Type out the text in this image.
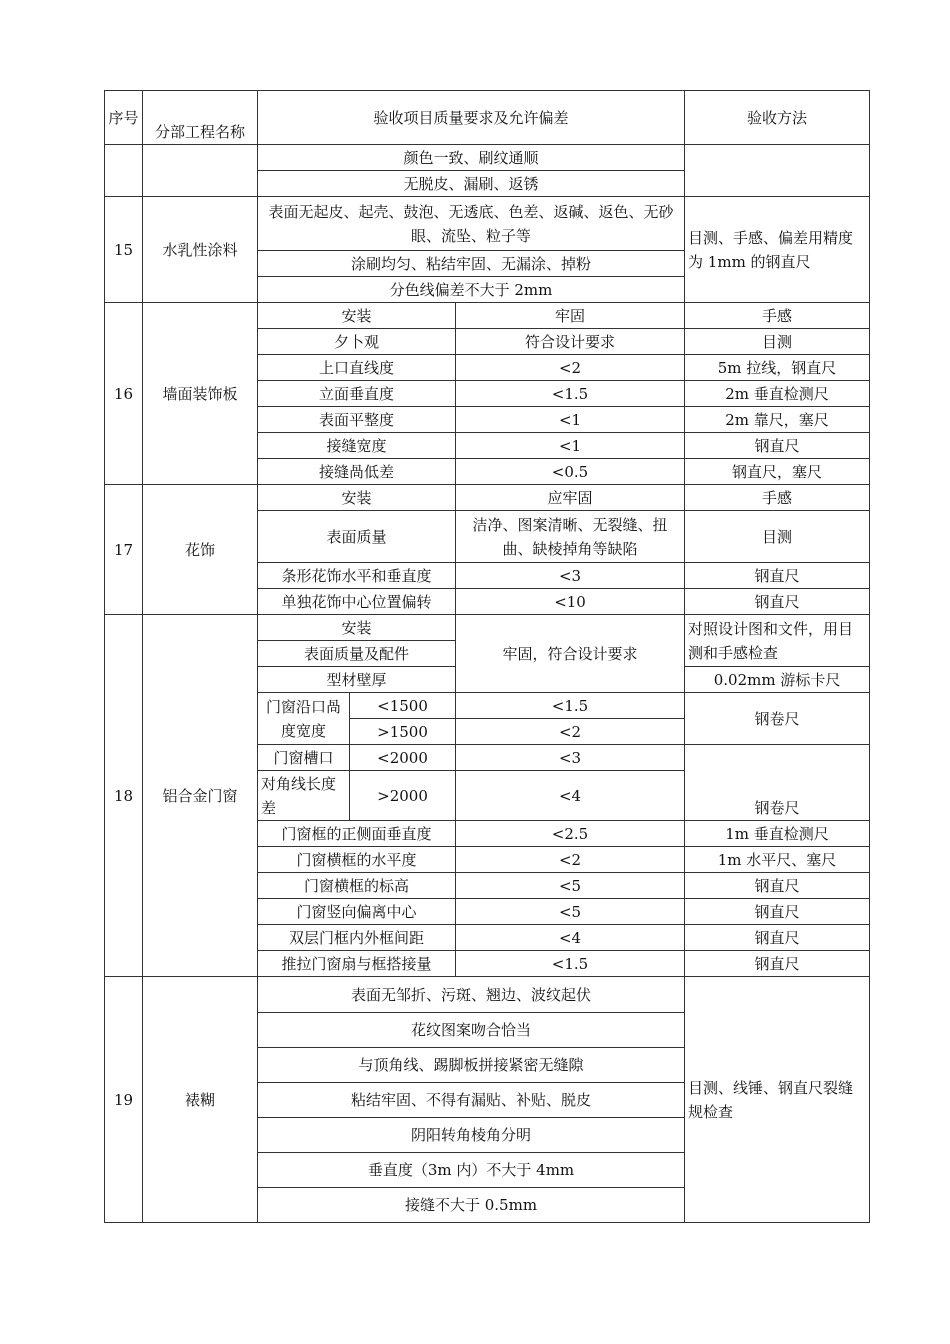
序号	分部工程名称	验收项目质量要求及允许偏差			验收方法
		颜色一致、刷纹通顺			
		无脱皮、漏刷、返锈			
15	水乳性涂料	表面无起皮、起壳、鼓泡、无透底、色差、返碱、返色、无砂眼、流坠、粒子等			目测、手感、偏差用精度为 1mm 的钢直尺
		涂刷均匀、粘结牢固、无漏涂、掉粉			
		分色线偏差不大于 2mm			
16	墙面装饰板	安装		牢固	手感
		夕卜观		符合设计要求	目测
		上口直线度		<2	5m 拉线，钢直尺
		立面垂直度		<1.5	2m 垂直检测尺
		表面平整度		<1	2m 靠尺，塞尺
		接缝宽度		<1	钢直尺
		接缝咼低差		<0.5	钢直尺，塞尺
17	花饰	安装		应牢固	手感
		表面质量		洁净、图案清晰、无裂缝、扭曲、缺棱掉角等缺陷	目测
		条形花饰水平和垂直度		<3	钢直尺
		单独花饰中心位置偏转		<10	钢直尺
18	铝合金门窗	安装		牢固，符合设计要求	对照设计图和文件，用目测和手感检查
		表面质量及配件			
		型材壁厚			0.02mm 游标卡尺
		门窗沿口咼度宽度	<1500	<1.5	钢卷尺
			>1500	<2	
		门窗槽口	<2000	<3	钢卷尺
		对角线长度差	>2000	<4	
		门窗框的正侧面垂直度		<2.5	1m 垂直检测尺
		门窗横框的水平度		<2	1m 水平尺、塞尺
		门窗横框的标高		<5	钢直尺
		门窗竖向偏离中心		<5	钢直尺
		双层门框内外框间距		<4	钢直尺
		推拉门窗扇与框搭接量		<1.5	钢直尺

19	裱糊	表面无邹折、污斑、翘边、波纹起伏			目测、线锤、钢直尺裂缝规检查
		花纹图案吻合恰当			
		与顶角线、踢脚板拼接紧密无缝隙			
		粘结牢固、不得有漏贴、补贴、脱皮			
		阴阳转角棱角分明			
		垂直度（3m 内）不大于 4mm			
		接缝不大于 0.5mm			
